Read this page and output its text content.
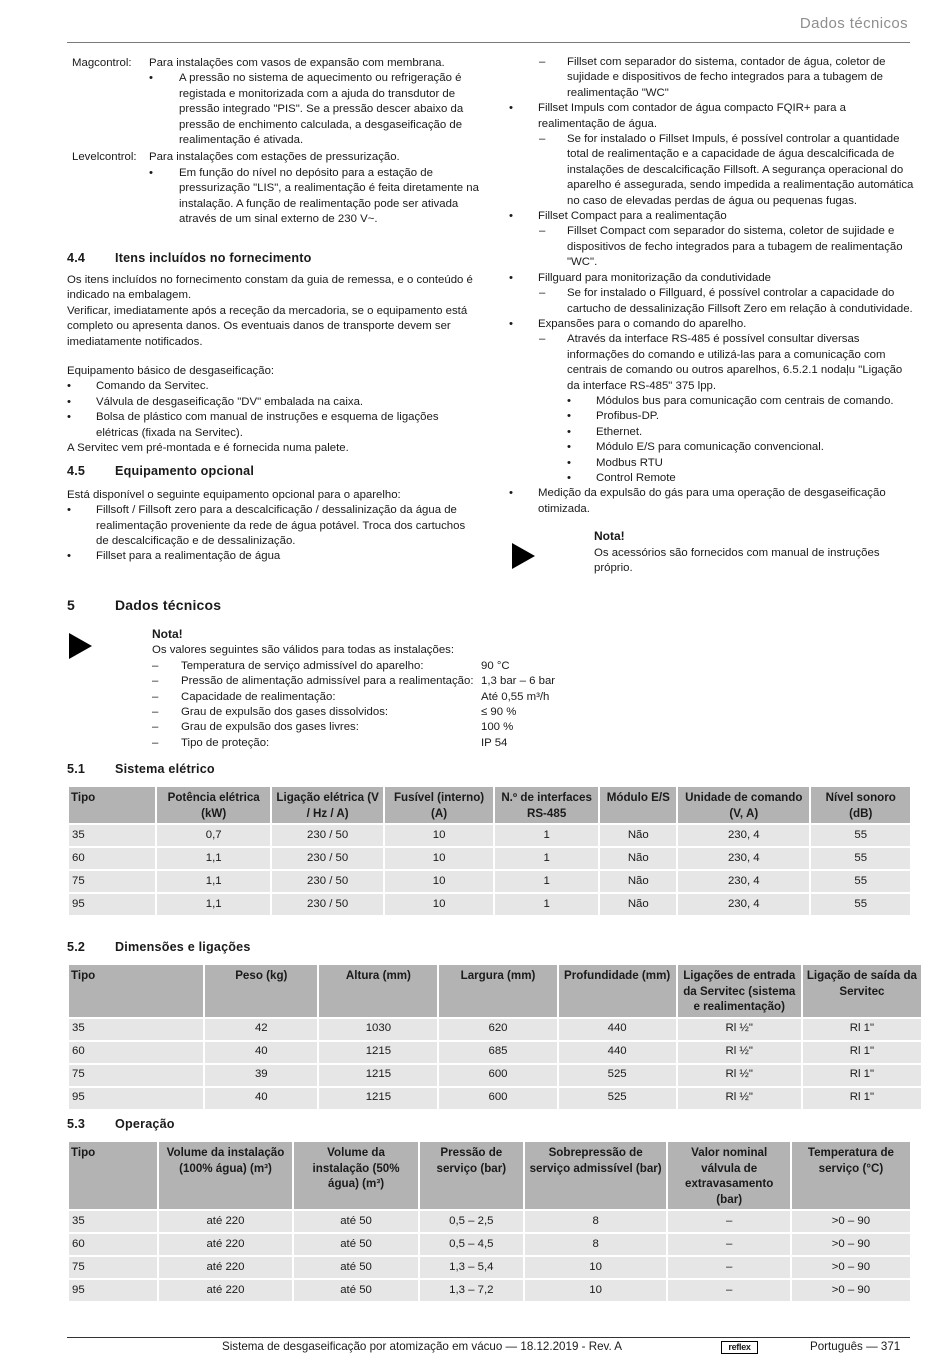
Dados técnicos
Magcontrol:	Para instalações com vasos de expansão com membrana.
• A pressão no sistema de aquecimento ou refrigeração é registada e monitorizada com a ajuda do transdutor de pressão integrado "PIS". Se a pressão descer abaixo da pressão de enchimento calculada, a desgaseificação de realimentação é ativada.
Levelcontrol:	Para instalações com estações de pressurização.
• Em função do nível no depósito para a estação de pressurização "LIS", a realimentação é feita diretamente na instalação. A função de realimentação pode ser ativada através de um sinal externo de 230 V~.
4.4	Itens incluídos no fornecimento

Os itens incluídos no fornecimento constam da guia de remessa, e o conteúdo é indicado na embalagem.

Verificar, imediatamente após a receção da mercadoria, se o equipamento está completo ou apresenta danos. Os eventuais danos de transporte devem ser imediatamente notificados.

Equipamento básico de desgaseificação:

• Comando da Servitec.
• Válvula de desgaseificação "DV" embalada na caixa.
• Bolsa de plástico com manual de instruções e esquema de ligações elétricas (fixada na Servitec).

A Servitec vem pré-montada e é fornecida numa palete.

4.5	Equipamento opcional

Está disponível o seguinte equipamento opcional para o aparelho:

• Fillsoft / Fillsoft zero para a descalcificação / dessalinização da água de realimentação proveniente da rede de água potável. Troca dos cartuchos de descalcificação e de dessalinização.
• Fillset para a realimentação de água
– Fillset com separador do sistema, contador de água, coletor de sujidade e dispositivos de fecho integrados para a tubagem de realimentação "WC"
• Fillset Impuls com contador de água compacto FQIR+ para a realimentação de água.
– Se for instalado o Fillset Impuls, é possível controlar a quantidade total de realimentação e a capacidade de água descalcificada de instalações de descalcificação Fillsoft. A segurança operacional do aparelho é assegurada, sendo impedida a realimentação automática no caso de elevadas perdas de água ou pequenas fugas.
• Fillset Compact para a realimentação
– Fillset Compact com separador do sistema, coletor de sujidade e dispositivos de fecho integrados para a tubagem de realimentação "WC".
• Fillguard para monitorização da condutividade
– Se for instalado o Fillguard, é possível controlar a capacidade do cartucho de dessalinização Fillsoft Zero em relação à condutividade.
• Expansões para o comando do aparelho.
– Através da interface RS-485 é possível consultar diversas informações do comando e utilizá-las para a comunicação com centrais de comando ou outros aparelhos, 6.5.2.1 nodaļu "Ligação da interface RS-485" 375 lpp.
• Módulos bus para comunicação com centrais de comando.
• Profibus-DP.
• Ethernet.
• Módulo E/S para comunicação convencional.
• Modbus RTU
• Control Remote
• Medição da expulsão do gás para uma operação de desgaseificação otimizada.
Nota!

Os acessórios são fornecidos com manual de instruções próprio.

5	Dados técnicos
Nota!

Os valores seguintes são válidos para todas as instalações:

–	Temperatura de serviço admissível do aparelho:	90 °C
–	Pressão de alimentação admissível para a realimentação: 1,3 bar – 6 bar
–	Capacidade de realimentação:	Até 0,55 m³/h
–	Grau de expulsão dos gases dissolvidos:	≤ 90 %
–	Grau de expulsão dos gases livres:	100 %
–	Tipo de proteção:	IP 54
5.1	Sistema elétrico
Tipo	Potência elétrica (kW)	Ligação elétrica (V / Hz / A)	Fusível (interno) (A)	N.º de interfaces RS-485	Módulo E/S	Unidade de comando (V, A)	Nível sonoro (dB)
35	0,7	230 / 50	10	1	Não	230, 4	55
60	1,1	230 / 50	10	1	Não	230, 4	55
75	1,1	230 / 50	10	1	Não	230, 4	55
95	1,1	230 / 50	10	1	Não	230, 4	55
5.2	Dimensões e ligações
Tipo	Peso (kg)	Altura (mm)	Largura (mm)	Profundidade (mm)	Ligações de entrada da Servitec (sistema e realimentação)	Ligação de saída da Servitec
35	42	1030	620	440	Rl ½"	Rl 1"
60	40	1215	685	440	Rl ½"	Rl 1"
75	39	1215	600	525	Rl ½"	Rl 1"
95	40	1215	600	525	Rl ½"	Rl 1"
5.3	Operação
Tipo	Volume da instalação (100% água) (m³)	Volume da instalação (50% água) (m³)	Pressão de serviço (bar)	Sobrepressão de serviço admissível (bar)	Valor nominal válvula de extravasamento (bar)	Temperatura de serviço (°C)
35	até 220	até 50	0,5 – 2,5	8	–	>0 – 90
60	até 220	até 50	0,5 – 4,5	8	–	>0 – 90
75	até 220	até 50	1,3 – 5,4	10	–	>0 – 90
95	até 220	até 50	1,3 – 7,2	10	–	>0 – 90
Sistema de desgaseificação por atomização em vácuo — 18.12.2019 - Rev. A	reflex	Português — 371
